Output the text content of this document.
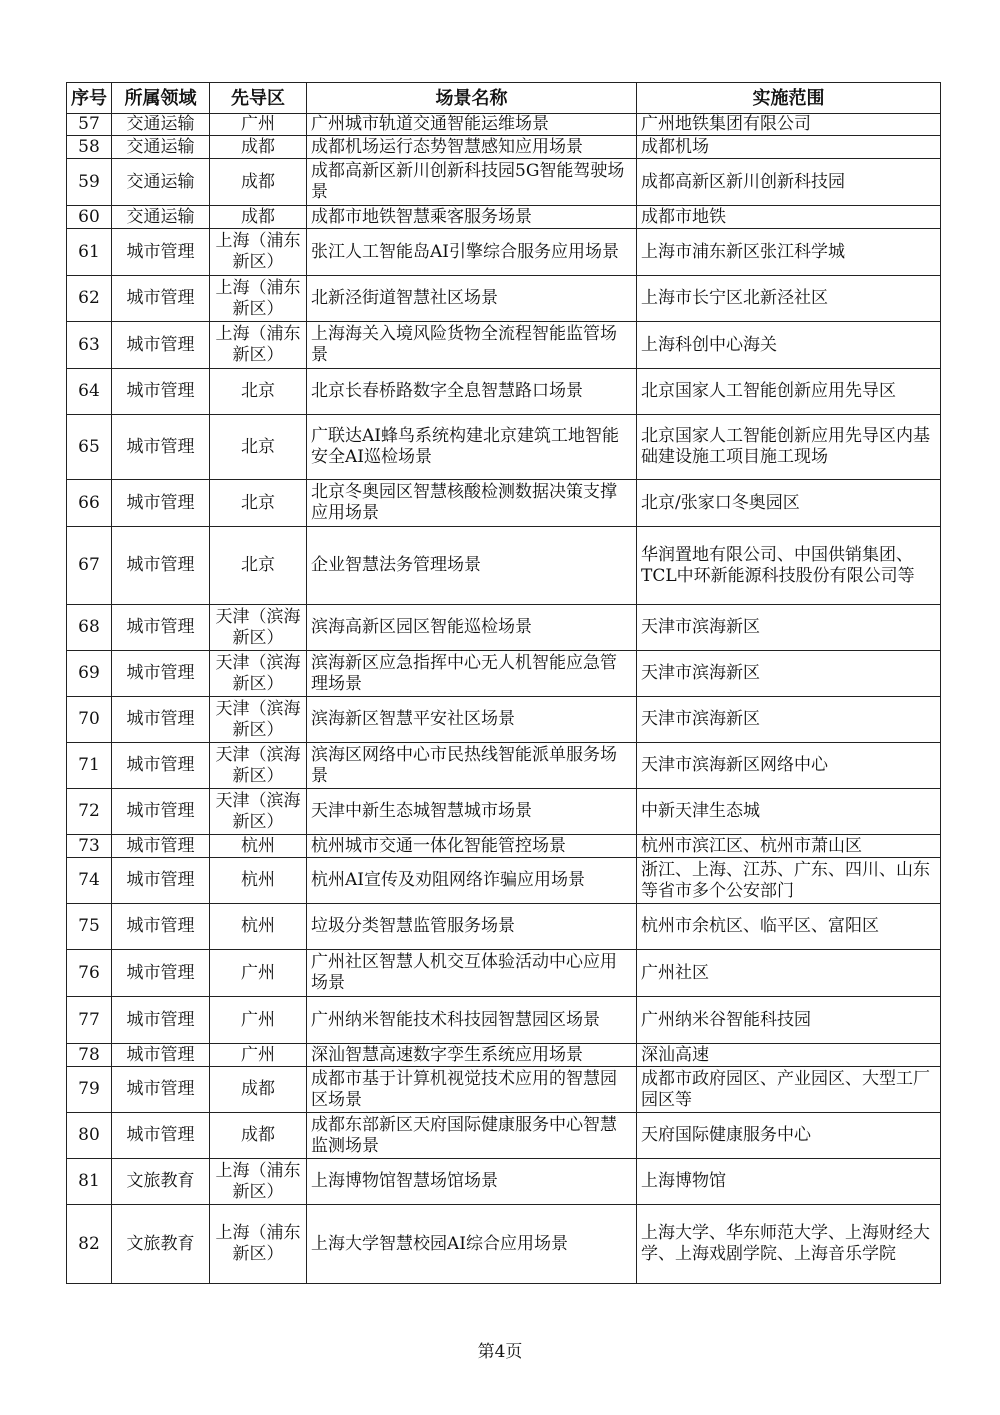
序号	所属领域	先导区	场景名称	实施范围
57	交通运输	广州	广州城市轨道交通智能运维场景	广州地铁集团有限公司
58	交通运输	成都	成都机场运行态势智慧感知应用场景	成都机场
59	交通运输	成都	成都高新区新川创新科技园5G智能驾驶场景	成都高新区新川创新科技园
60	交通运输	成都	成都市地铁智慧乘客服务场景	成都市地铁
61	城市管理	上海（浦东新区）	张江人工智能岛AI引擎综合服务应用场景	上海市浦东新区张江科学城
62	城市管理	上海（浦东新区）	北新泾街道智慧社区场景	上海市长宁区北新泾社区
63	城市管理	上海（浦东新区）	上海海关入境风险货物全流程智能监管场景	上海科创中心海关
64	城市管理	北京	北京长春桥路数字全息智慧路口场景	北京国家人工智能创新应用先导区
65	城市管理	北京	广联达AI蜂鸟系统构建北京建筑工地智能安全AI巡检场景	北京国家人工智能创新应用先导区内基础建设施工项目施工现场
66	城市管理	北京	北京冬奥园区智慧核酸检测数据决策支撑应用场景	北京/张家口冬奥园区
67	城市管理	北京	企业智慧法务管理场景	华润置地有限公司、中国供销集团、TCL中环新能源科技股份有限公司等
68	城市管理	天津（滨海新区）	滨海高新区园区智能巡检场景	天津市滨海新区
69	城市管理	天津（滨海新区）	滨海新区应急指挥中心无人机智能应急管理场景	天津市滨海新区
70	城市管理	天津（滨海新区）	滨海新区智慧平安社区场景	天津市滨海新区
71	城市管理	天津（滨海新区）	滨海区网络中心市民热线智能派单服务场景	天津市滨海新区网络中心
72	城市管理	天津（滨海新区）	天津中新生态城智慧城市场景	中新天津生态城
73	城市管理	杭州	杭州城市交通一体化智能管控场景	杭州市滨江区、杭州市萧山区
74	城市管理	杭州	杭州AI宣传及劝阻网络诈骗应用场景	浙江、上海、江苏、广东、四川、山东等省市多个公安部门
75	城市管理	杭州	垃圾分类智慧监管服务场景	杭州市余杭区、临平区、富阳区
76	城市管理	广州	广州社区智慧人机交互体验活动中心应用场景	广州社区
77	城市管理	广州	广州纳米智能技术科技园智慧园区场景	广州纳米谷智能科技园
78	城市管理	广州	深汕智慧高速数字孪生系统应用场景	深汕高速
79	城市管理	成都	成都市基于计算机视觉技术应用的智慧园区场景	成都市政府园区、产业园区、大型工厂园区等
80	城市管理	成都	成都东部新区天府国际健康服务中心智慧监测场景	天府国际健康服务中心
81	文旅教育	上海（浦东新区）	上海博物馆智慧场馆场景	上海博物馆
82	文旅教育	上海（浦东新区）	上海大学智慧校园AI综合应用场景	上海大学、华东师范大学、上海财经大学、上海戏剧学院、上海音乐学院
第4页
